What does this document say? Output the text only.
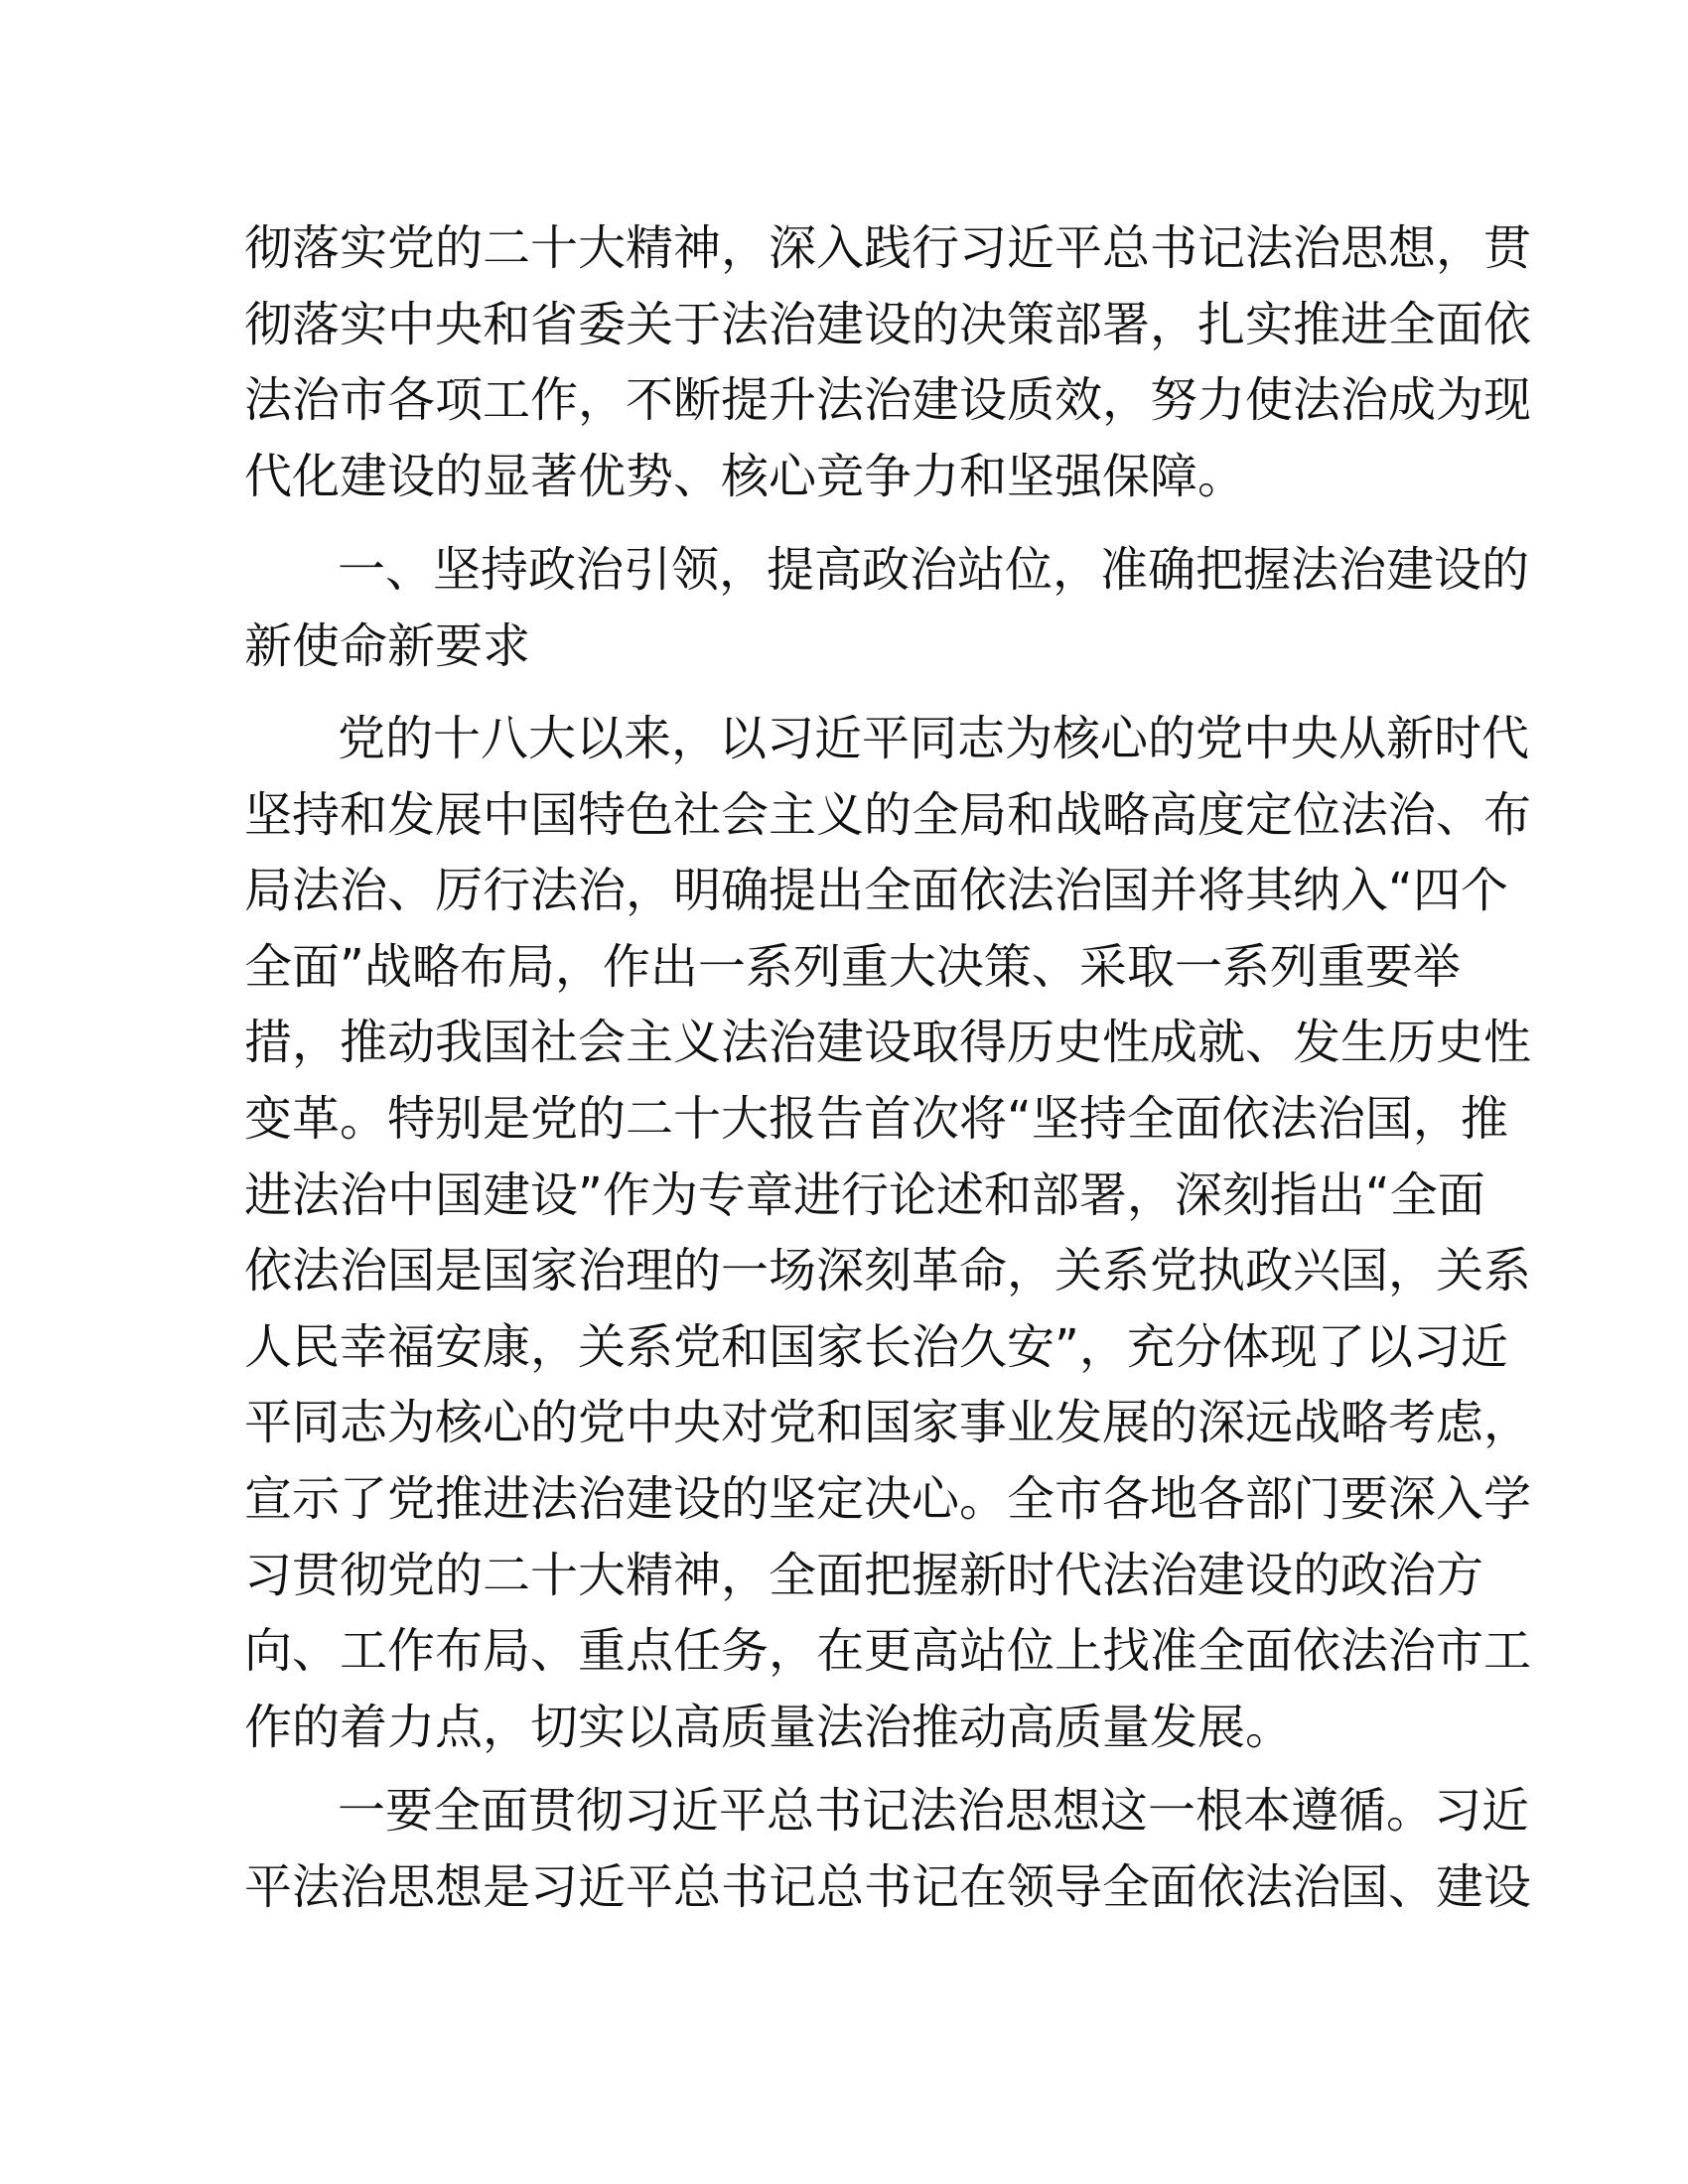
彻落实党的二十大精神，深入践行习近平总书记法治思想，贯
彻落实中央和省委关于法治建设的决策部署，扎实推进全面依
法治市各项工作，不断提升法治建设质效，努力使法治成为现
代化建设的显著优势、核心竞争力和坚强保障。
一、坚持政治引领，提高政治站位，准确把握法治建设的
新使命新要求
党的十八大以来，以习近平同志为核心的党中央从新时代
坚持和发展中国特色社会主义的全局和战略高度定位法治、布
局法治、厉行法治，明确提出全面依法治国并将其纳入“四个
全面”战略布局，作出一系列重大决策、采取一系列重要举
措，推动我国社会主义法治建设取得历史性成就、发生历史性
变革。特别是党的二十大报告首次将“坚持全面依法治国，推
进法治中国建设”作为专章进行论述和部署，深刻指出“全面
依法治国是国家治理的一场深刻革命，关系党执政兴国，关系
人民幸福安康，关系党和国家长治久安”，充分体现了以习近
平同志为核心的党中央对党和国家事业发展的深远战略考虑，
宣示了党推进法治建设的坚定决心。全市各地各部门要深入学
习贯彻党的二十大精神，全面把握新时代法治建设的政治方
向、工作布局、重点任务，在更高站位上找准全面依法治市工
作的着力点，切实以高质量法治推动高质量发展。
一要全面贯彻习近平总书记法治思想这一根本遵循。习近
平法治思想是习近平总书记总书记在领导全面依法治国、建设
